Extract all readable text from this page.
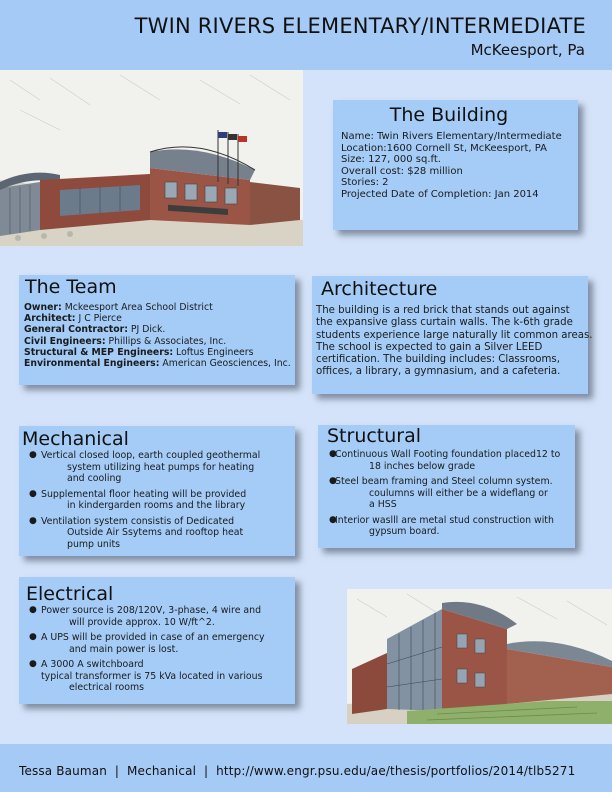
TWIN RIVERS ELEMENTARY/INTERMEDIATE
McKeesport, Pa
The Building
Name: Twin Rivers Elementary/Intermediate
Location:1600 Cornell St, McKeesport, PA
Size: 127, 000 sq.ft.
Overall cost: $28 million
Stories: 2
Projected Date of Completion: Jan 2014
The Team
Owner: Mckeesport Area School District
Architect: J C Pierce
General Contractor: PJ Dick.
Civil Engineers: Phillips & Associates, Inc.
Structural & MEP Engineers: Loftus Engineers
Environmental Engineers: American Geosciences, Inc.
Architecture
The building is a red brick that stands out against
the expansive glass curtain walls. The k-6th grade
students experience large naturally lit common areas.
The school is expected to gain a Silver LEED
certification. The building includes: Classrooms,
offices, a library, a gymnasium, and a cafeteria.
Mechanical
● Vertical closed loop, earth coupled geothermal
system utilizing heat pumps for heating
and cooling
● Supplemental floor heating will be provided
in kindergarden rooms and the library
● Ventilation system consistis of Dedicated
Outside Air Ssytems and rooftop heat
pump units
Structural
●
Continuous Wall Footing foundation placed12 to
18 inches below grade
●
Steel beam framing and Steel column system.
coulumns will either be a wideflang or
a HSS
●
Interior waslll are metal stud construction with
gypsum board.
Electrical
● Power source is 208/120V, 3-phase, 4 wire and
will provide approx. 10 W/ft^2.
● A UPS will be provided in case of an emergency
and main power is lost.
● A 3000 A switchboard
typical transformer is 75 kVa located in various
electrical rooms
Tessa Bauman  |  Mechanical  |  http://www.engr.psu.edu/ae/thesis/portfolios/2014/tlb5271
